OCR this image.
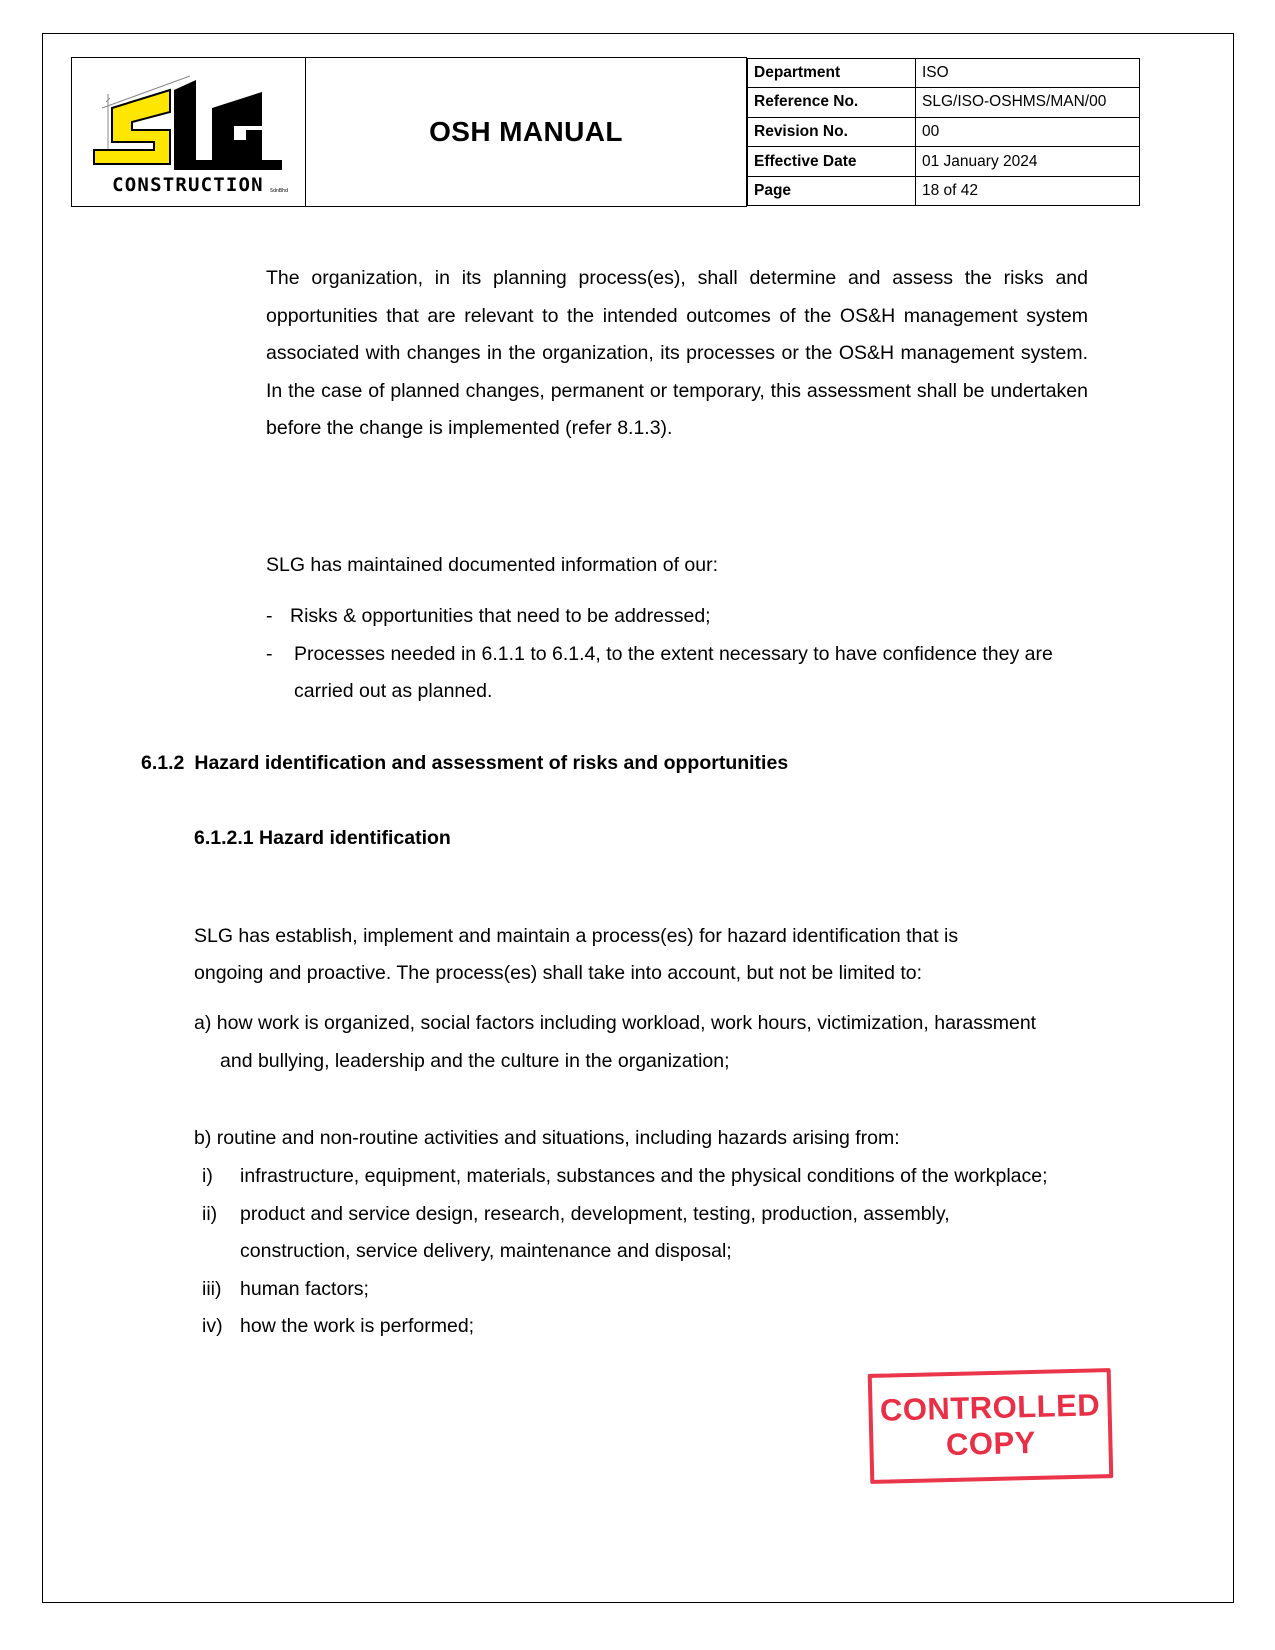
CONSTRUCTION SdnBhd
	OSH MANUAL	
Department	ISO
Reference No.	SLG/ISO-OSHMS/MAN/00
Revision No.	00
Effective Date	01 January 2024
Page	18 of 42

The organization, in its planning process(es), shall determine and assess the risks and opportunities that are relevant to the intended outcomes of the OS&H management system associated with changes in the organization, its processes or the OS&H management system. In the case of planned changes, permanent or temporary, this assessment shall be undertaken before the change is implemented (refer 8.1.3).

SLG has maintained documented information of our:

- Risks & opportunities that need to be addressed;
-	Processes needed in 6.1.1 to 6.1.4, to the extent necessary to have confidence they are carried out as planned.
6.1.2 Hazard identification and assessment of risks and opportunities
6.1.2.1 Hazard identification

SLG has establish, implement and maintain a process(es) for hazard identification that is ongoing and proactive. The process(es) shall take into account, but not be limited to:

a) how work is organized, social factors including workload, work hours, victimization, harassment and bullying, leadership and the culture in the organization;
b) routine and non-routine activities and situations, including hazards arising from:
i)	infrastructure, equipment, materials, substances and the physical conditions of the workplace;
ii)	product and service design, research, development, testing, production, assembly, construction, service delivery, maintenance and disposal;
iii) human factors;
iv) how the work is performed;
CONTROLLED
COPY
